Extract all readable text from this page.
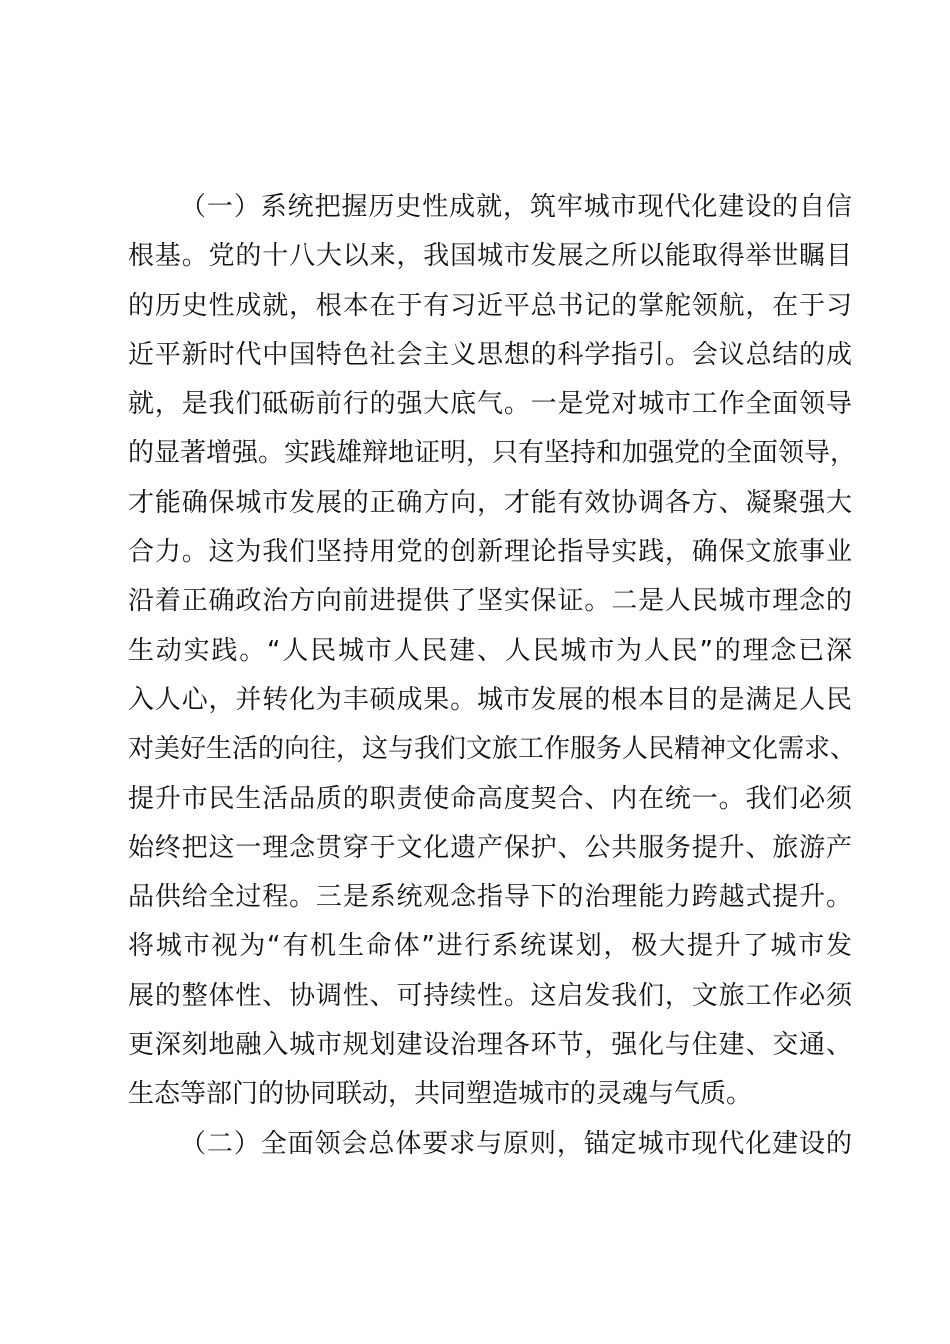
（一）系统把握历史性成就，筑牢城市现代化建设的自信
根基。党的十八大以来，我国城市发展之所以能取得举世瞩目
的历史性成就，根本在于有习近平总书记的掌舵领航，在于习
近平新时代中国特色社会主义思想的科学指引。会议总结的成
就，是我们砥砺前行的强大底气。一是党对城市工作全面领导
的显著增强。实践雄辩地证明，只有坚持和加强党的全面领导，
才能确保城市发展的正确方向，才能有效协调各方、凝聚强大
合力。这为我们坚持用党的创新理论指导实践，确保文旅事业
沿着正确政治方向前进提供了坚实保证。二是人民城市理念的
生动实践。“人民城市人民建、人民城市为人民”的理念已深
入人心，并转化为丰硕成果。城市发展的根本目的是满足人民
对美好生活的向往，这与我们文旅工作服务人民精神文化需求、
提升市民生活品质的职责使命高度契合、内在统一。我们必须
始终把这一理念贯穿于文化遗产保护、公共服务提升、旅游产
品供给全过程。三是系统观念指导下的治理能力跨越式提升。
将城市视为“有机生命体”进行系统谋划，极大提升了城市发
展的整体性、协调性、可持续性。这启发我们，文旅工作必须
更深刻地融入城市规划建设治理各环节，强化与住建、交通、
生态等部门的协同联动，共同塑造城市的灵魂与气质。
（二）全面领会总体要求与原则，锚定城市现代化建设的
